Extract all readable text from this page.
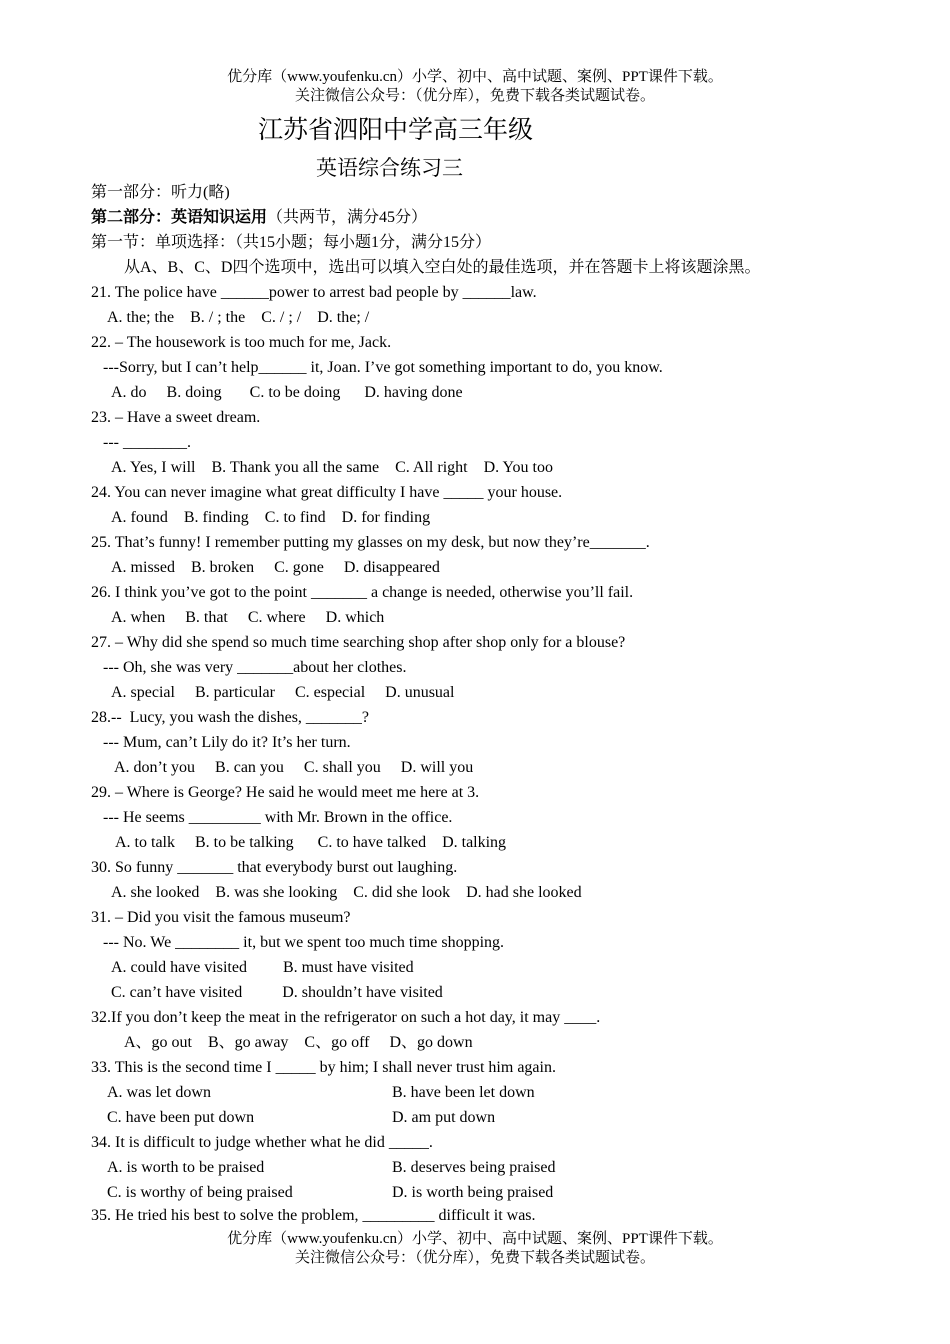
优分库（www.youfenku.cn）小学、初中、高中试题、案例、PPT课件下载。
关注微信公众号：（优分库），免费下载各类试题试卷。
江苏省泗阳中学高三年级
英语综合练习三
第一部分：听力(略)
第二部分：英语知识运用（共两节，满分45分）
第一节：单项选择：（共15小题；每小题1分，满分15分）
从A、B、C、D四个选项中，选出可以填入空白处的最佳选项，并在答题卡上将该题涂黑。
21. The police have ______power to arrest bad people by ______law.
A. the; the    B. / ; the    C. / ; /    D. the; /
22. – The housework is too much for me, Jack.
---Sorry, but I can’t help______ it, Joan. I’ve got something important to do, you know.
A. do     B. doing       C. to be doing      D. having done
23. – Have a sweet dream.
--- ________.
A. Yes, I will    B. Thank you all the same    C. All right    D. You too
24. You can never imagine what great difficulty I have _____ your house.
A. found    B. finding    C. to find    D. for finding
25. That’s funny! I remember putting my glasses on my desk, but now they’re_______.
A. missed    B. broken     C. gone     D. disappeared
26. I think you’ve got to the point _______ a change is needed, otherwise you’ll fail.
A. when     B. that     C. where     D. which
27. – Why did she spend so much time searching shop after shop only for a blouse?
--- Oh, she was very _______about her clothes.
A. special     B. particular     C. especial     D. unusual
28.--  Lucy, you wash the dishes, _______?
--- Mum, can’t Lily do it? It’s her turn.
A. don’t you     B. can you     C. shall you     D. will you
29. – Where is George? He said he would meet me here at 3.
--- He seems _________ with Mr. Brown in the office.
A. to talk     B. to be talking      C. to have talked    D. talking
30. So funny _______ that everybody burst out laughing.
A. she looked    B. was she looking    C. did she look    D. had she looked
31. – Did you visit the famous museum?
--- No. We ________ it, but we spent too much time shopping.
A. could have visited         B. must have visited
C. can’t have visited          D. shouldn’t have visited
32.If you don’t keep the meat in the refrigerator on such a hot day, it may ____.
A、go out    B、go away    C、go off     D、go down
33. This is the second time I _____ by him; I shall never trust him again.
A. was let down	B. have been let down
C. have been put down	D. am put down
34. It is difficult to judge whether what he did _____.
A. is worth to be praised	B. deserves being praised
C. is worthy of being praised	D. is worth being praised
35. He tried his best to solve the problem, _________ difficult it was.
优分库（www.youfenku.cn）小学、初中、高中试题、案例、PPT课件下载。
关注微信公众号：（优分库），免费下载各类试题试卷。
